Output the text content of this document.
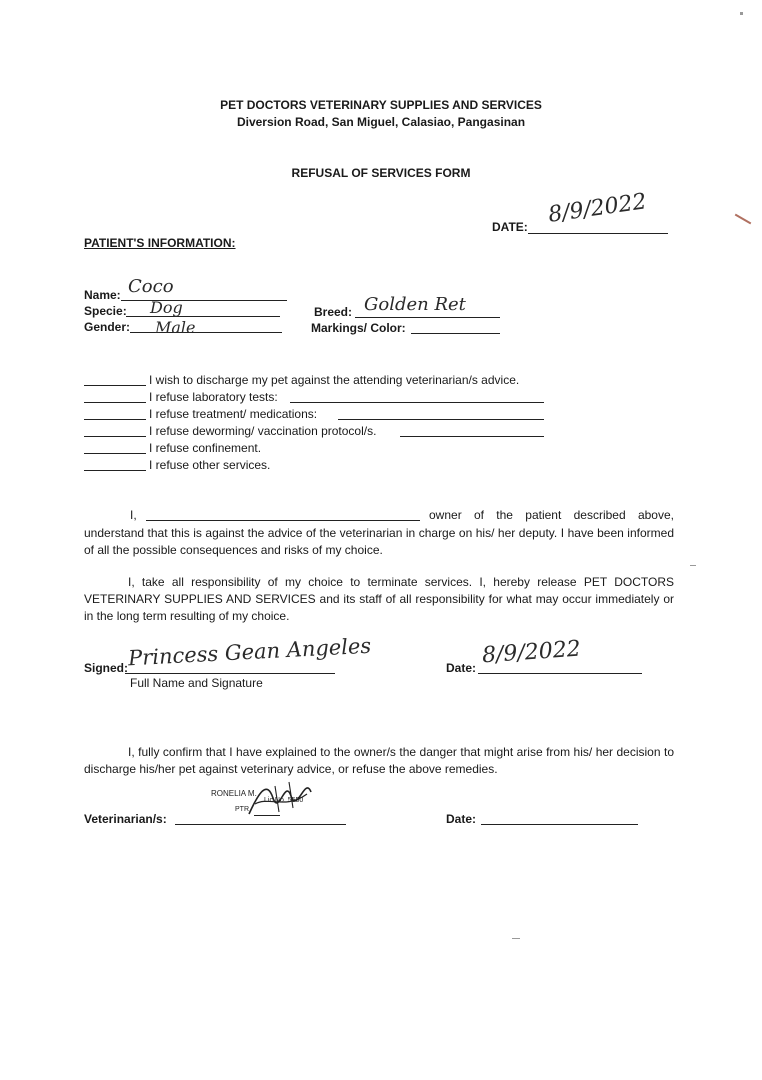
PET DOCTORS VETERINARY SUPPLIES AND SERVICES
Diversion Road, San Miguel, Calasiao, Pangasinan
REFUSAL OF SERVICES FORM
DATE: 8/9/2022
PATIENT'S INFORMATION:
Name: Coco
Specie: Dog
Gender: Male
Breed: Golden Ret
Markings/ Color:
I wish to discharge my pet against the attending veterinarian/s advice.
I refuse laboratory tests:
I refuse treatment/ medications:
I refuse deworming/ vaccination protocol/s.
I refuse confinement.
I refuse other services.
I,	owner of the patient described above,
understand that this is against the advice of the veterinarian in charge on his/ her deputy. I have been informed of all the possible consequences and risks of my choice.
I, take all responsibility of my choice to terminate services. I, hereby release PET DOCTORS VETERINARY SUPPLIES AND SERVICES and its staff of all responsibility for what may occur immediately or in the long term resulting of my choice.
Signed: Princess Gean Angeles
Full Name and Signature
Date: 8/9/2022
I, fully confirm that I have explained to the owner/s the danger that might arise from his/ her decision to discharge his/her pet against veterinary advice, or refuse the above remedies.
RONELIA M.
Lic.No. 5550
PTR
Veterinarian/s:	Date:
